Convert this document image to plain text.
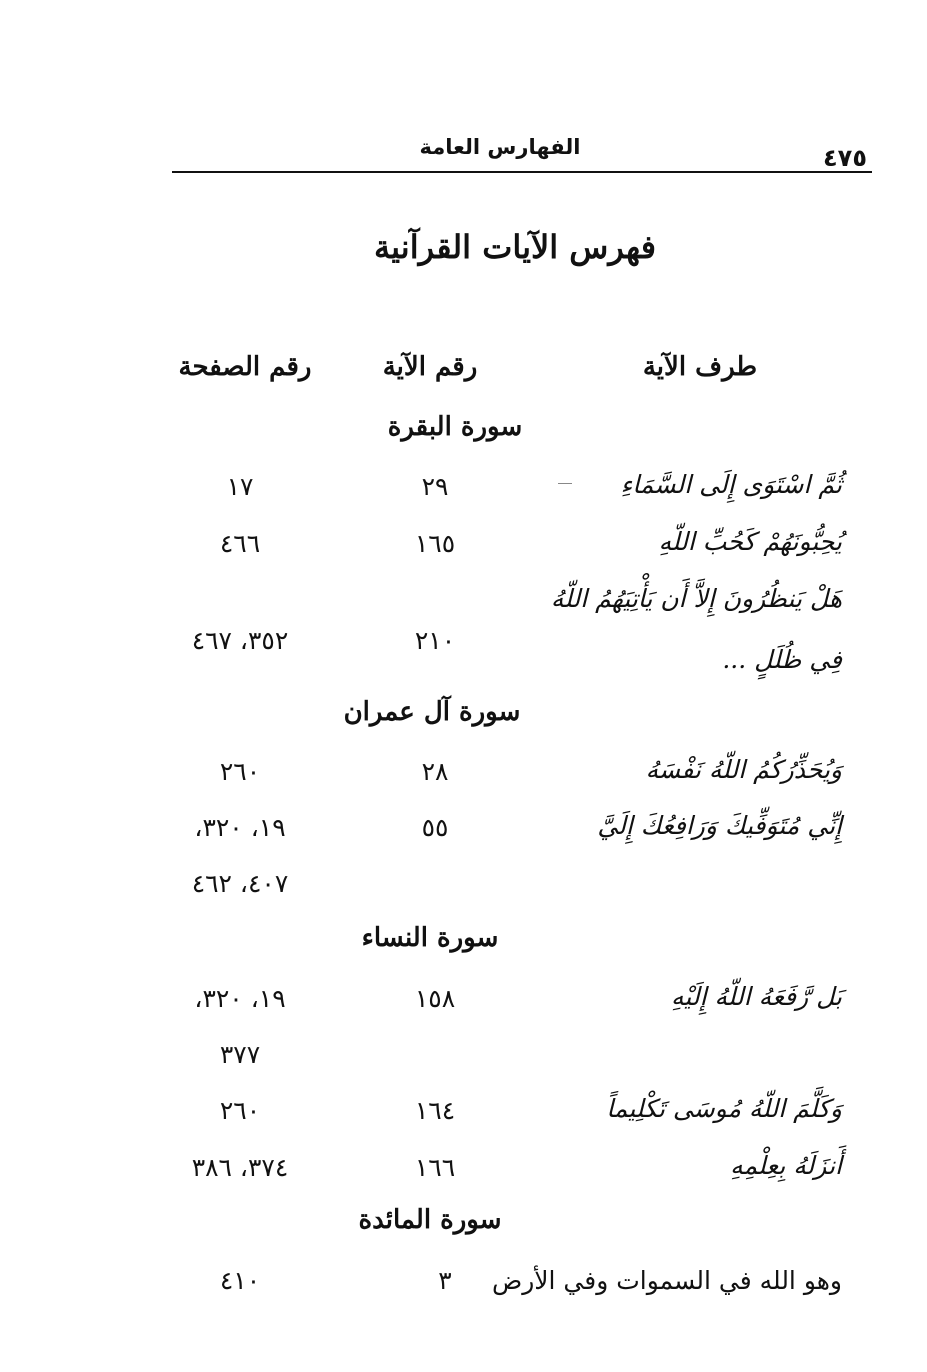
الفهارس العامة	٤٧٥
فهرس الآيات القرآنية
طرف الآية
رقم الآية
رقم الصفحة
سورة البقرة
ثُمَّ اسْتَوَى إِلَى السَّمَاءِ
٢٩
١٧
يُحِبُّونَهُمْ كَحُبِّ اللّهِ
١٦٥
٤٦٦
هَلْ يَنظُرُونَ إِلاَّ أَن يَأْتِيَهُمُ اللّهُ
فِي ظُلَلٍ ...
٢١٠
٣٥٢، ٤٦٧
سورة آل عمران
وَيُحَذِّرُكُمُ اللّهُ نَفْسَهُ
٢٨
٢٦٠
إِنِّي مُتَوَفِّيكَ وَرَافِعُكَ إِلَيَّ
٥٥
١٩، ٣٢٠،
٤٠٧، ٤٦٢
سورة النساء
بَل رَّفَعَهُ اللّهُ إِلَيْهِ
١٥٨
١٩، ٣٢٠،
٣٧٧
وَكَلَّمَ اللّهُ مُوسَى تَكْلِيماً
١٦٤
٢٦٠
أَنزَلَهُ بِعِلْمِهِ
١٦٦
٣٧٤، ٣٨٦
سورة المائدة
وهو الله في السموات وفي الأرض
٣
٤١٠
